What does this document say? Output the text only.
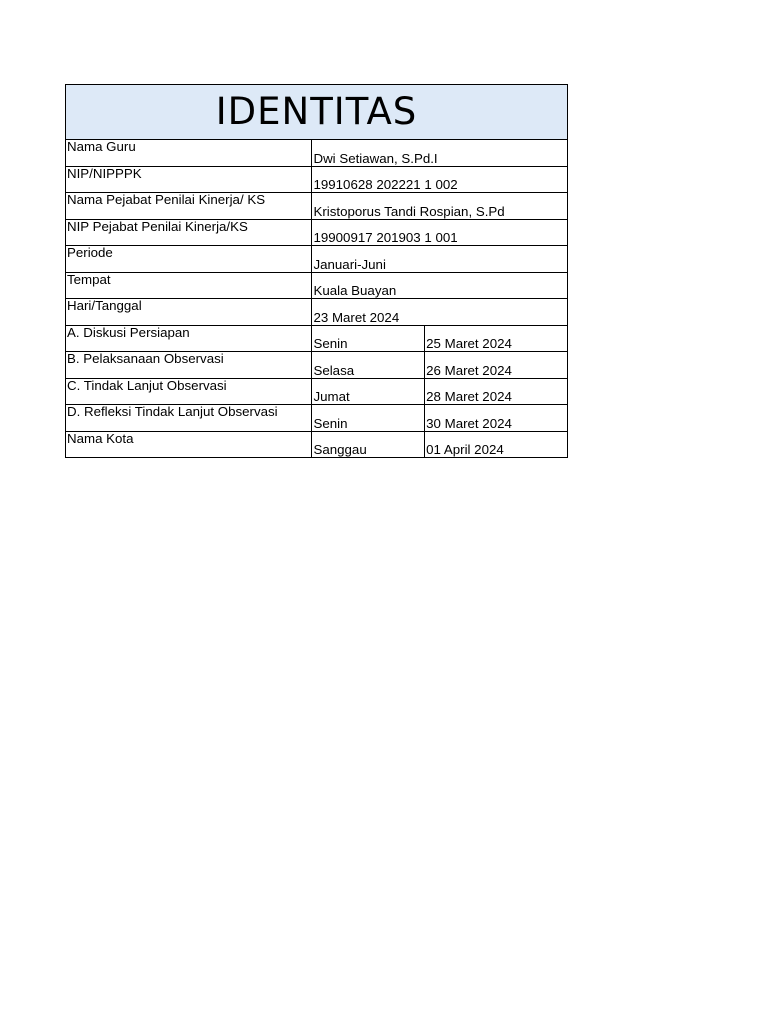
IDENTITAS		
Nama Guru	Dwi Setiawan, S.Pd.I	
NIP/NIPPPK	19910628 202221 1 002	
Nama Pejabat Penilai Kinerja/ KS	Kristoporus Tandi Rospian, S.Pd	
NIP Pejabat Penilai Kinerja/KS	19900917 201903 1 001	
Periode	Januari-Juni	
Tempat	Kuala Buayan	
Hari/Tanggal	23 Maret 2024	
A. Diskusi Persiapan	Senin	25 Maret 2024
B. Pelaksanaan Observasi	Selasa	26 Maret 2024
C. Tindak Lanjut Observasi	Jumat	28 Maret 2024
D. Refleksi Tindak Lanjut Observasi	Senin	30 Maret 2024
Nama Kota	Sanggau	01 April 2024
